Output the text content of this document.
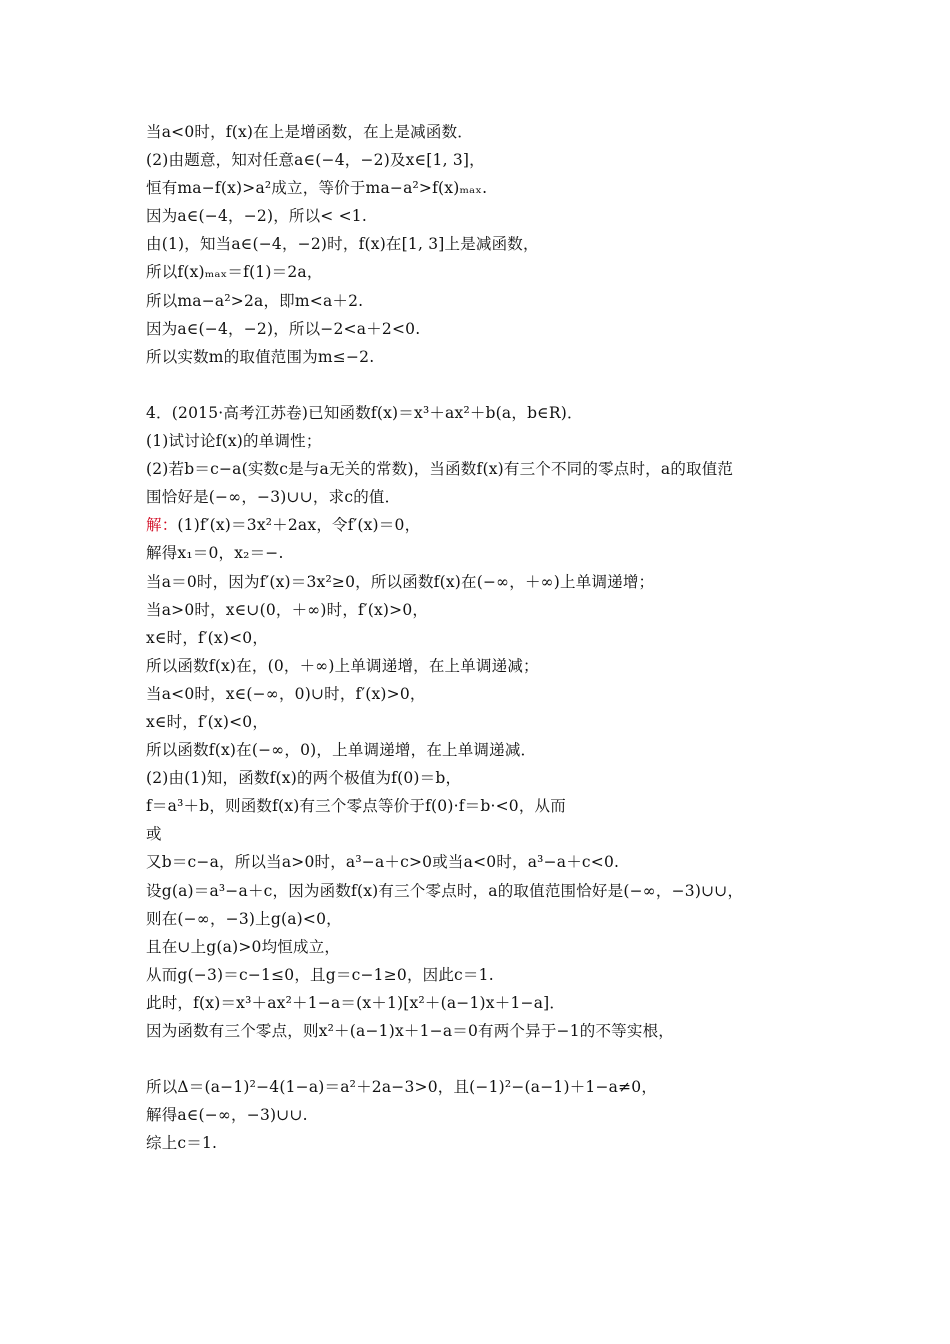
当a<0时，f(x)在上是增函数，在上是减函数．
(2)由题意，知对任意a∈(−4，−2)及x∈[1, 3]，
恒有ma−f(x)>a²成立，等价于ma−a²>f(x)ₘₐₓ.
因为a∈(−4，−2)，所以< <1.
由(1)，知当a∈(−4，−2)时，f(x)在[1, 3]上是减函数，
所以f(x)ₘₐₓ＝f(1)＝2a，
所以ma−a²>2a，即m<a＋2.
因为a∈(−4，−2)，所以−2<a＋2<0.
所以实数m的取值范围为m≤−2.
4．(2015·高考江苏卷)已知函数f(x)＝x³＋ax²＋b(a，b∈R)．
(1)试讨论f(x)的单调性；
(2)若b＝c−a(实数c是与a无关的常数)，当函数f(x)有三个不同的零点时，a的取值范
围恰好是(−∞，−3)∪∪，求c的值．
解：(1)f′(x)＝3x²＋2ax，令f′(x)＝0，
解得x₁＝0，x₂＝−.
当a＝0时，因为f′(x)＝3x²≥0，所以函数f(x)在(−∞，＋∞)上单调递增；
当a>0时，x∈∪(0，＋∞)时，f′(x)>0，
x∈时，f′(x)<0，
所以函数f(x)在，(0，＋∞)上单调递增，在上单调递减；
当a<0时，x∈(−∞，0)∪时，f′(x)>0，
x∈时，f′(x)<0，
所以函数f(x)在(−∞，0)，上单调递增，在上单调递减．
(2)由(1)知，函数f(x)的两个极值为f(0)＝b，
f＝a³＋b，则函数f(x)有三个零点等价于f(0)·f＝b·<0，从而
或
又b＝c−a，所以当a>0时，a³−a＋c>0或当a<0时，a³−a＋c<0.
设g(a)＝a³−a＋c，因为函数f(x)有三个零点时，a的取值范围恰好是(−∞，−3)∪∪，
则在(−∞，−3)上g(a)<0，
且在∪上g(a)>0均恒成立，
从而g(−3)＝c−1≤0，且g＝c−1≥0，因此c＝1.
此时，f(x)＝x³＋ax²＋1−a＝(x＋1)[x²＋(a−1)x＋1−a]．
因为函数有三个零点，则x²＋(a−1)x＋1−a＝0有两个异于−1的不等实根，
所以Δ＝(a−1)²−4(1−a)＝a²＋2a−3>0，且(−1)²−(a−1)＋1−a≠0，
解得a∈(−∞，−3)∪∪.
综上c＝1.
